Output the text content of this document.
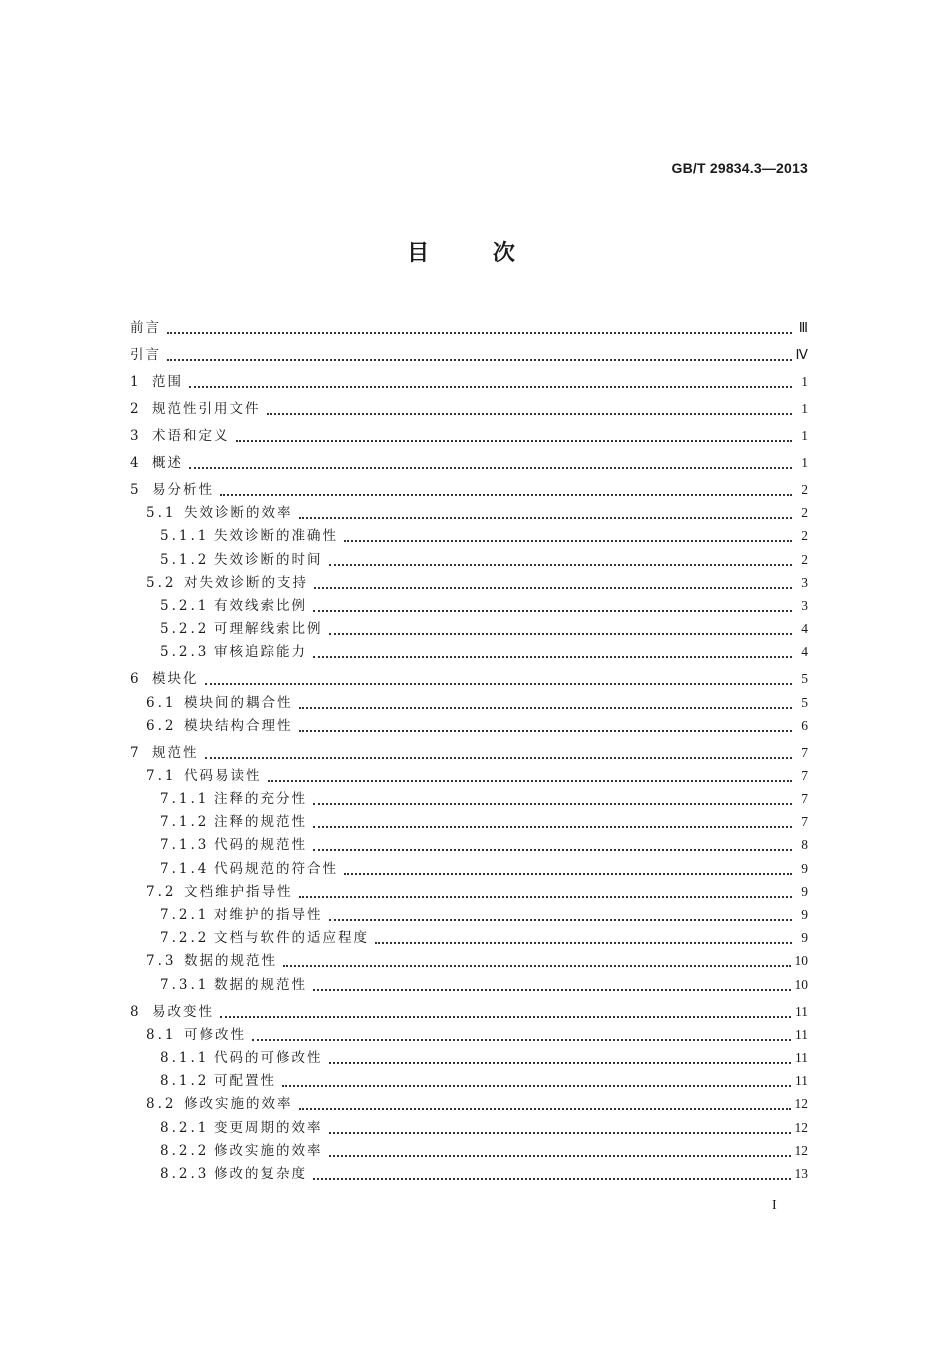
GB/T 29834.3—2013
目 次
前言	Ⅲ
引言	Ⅳ
1 范围	1
2 规范性引用文件	1
3 术语和定义	1
4 概述	1
5 易分析性	2
5.1 失效诊断的效率	2
5.1.1 失效诊断的准确性	2
5.1.2 失效诊断的时间	2
5.2 对失效诊断的支持	3
5.2.1 有效线索比例	3
5.2.2 可理解线索比例	4
5.2.3 审核追踪能力	4
6 模块化	5
6.1 模块间的耦合性	5
6.2 模块结构合理性	6
7 规范性	7
7.1 代码易读性	7
7.1.1 注释的充分性	7
7.1.2 注释的规范性	7
7.1.3 代码的规范性	8
7.1.4 代码规范的符合性	9
7.2 文档维护指导性	9
7.2.1 对维护的指导性	9
7.2.2 文档与软件的适应程度	9
7.3 数据的规范性	10
7.3.1 数据的规范性	10
8 易改变性	11
8.1 可修改性	11
8.1.1 代码的可修改性	11
8.1.2 可配置性	11
8.2 修改实施的效率	12
8.2.1 变更周期的效率	12
8.2.2 修改实施的效率	12
8.2.3 修改的复杂度	13
I
